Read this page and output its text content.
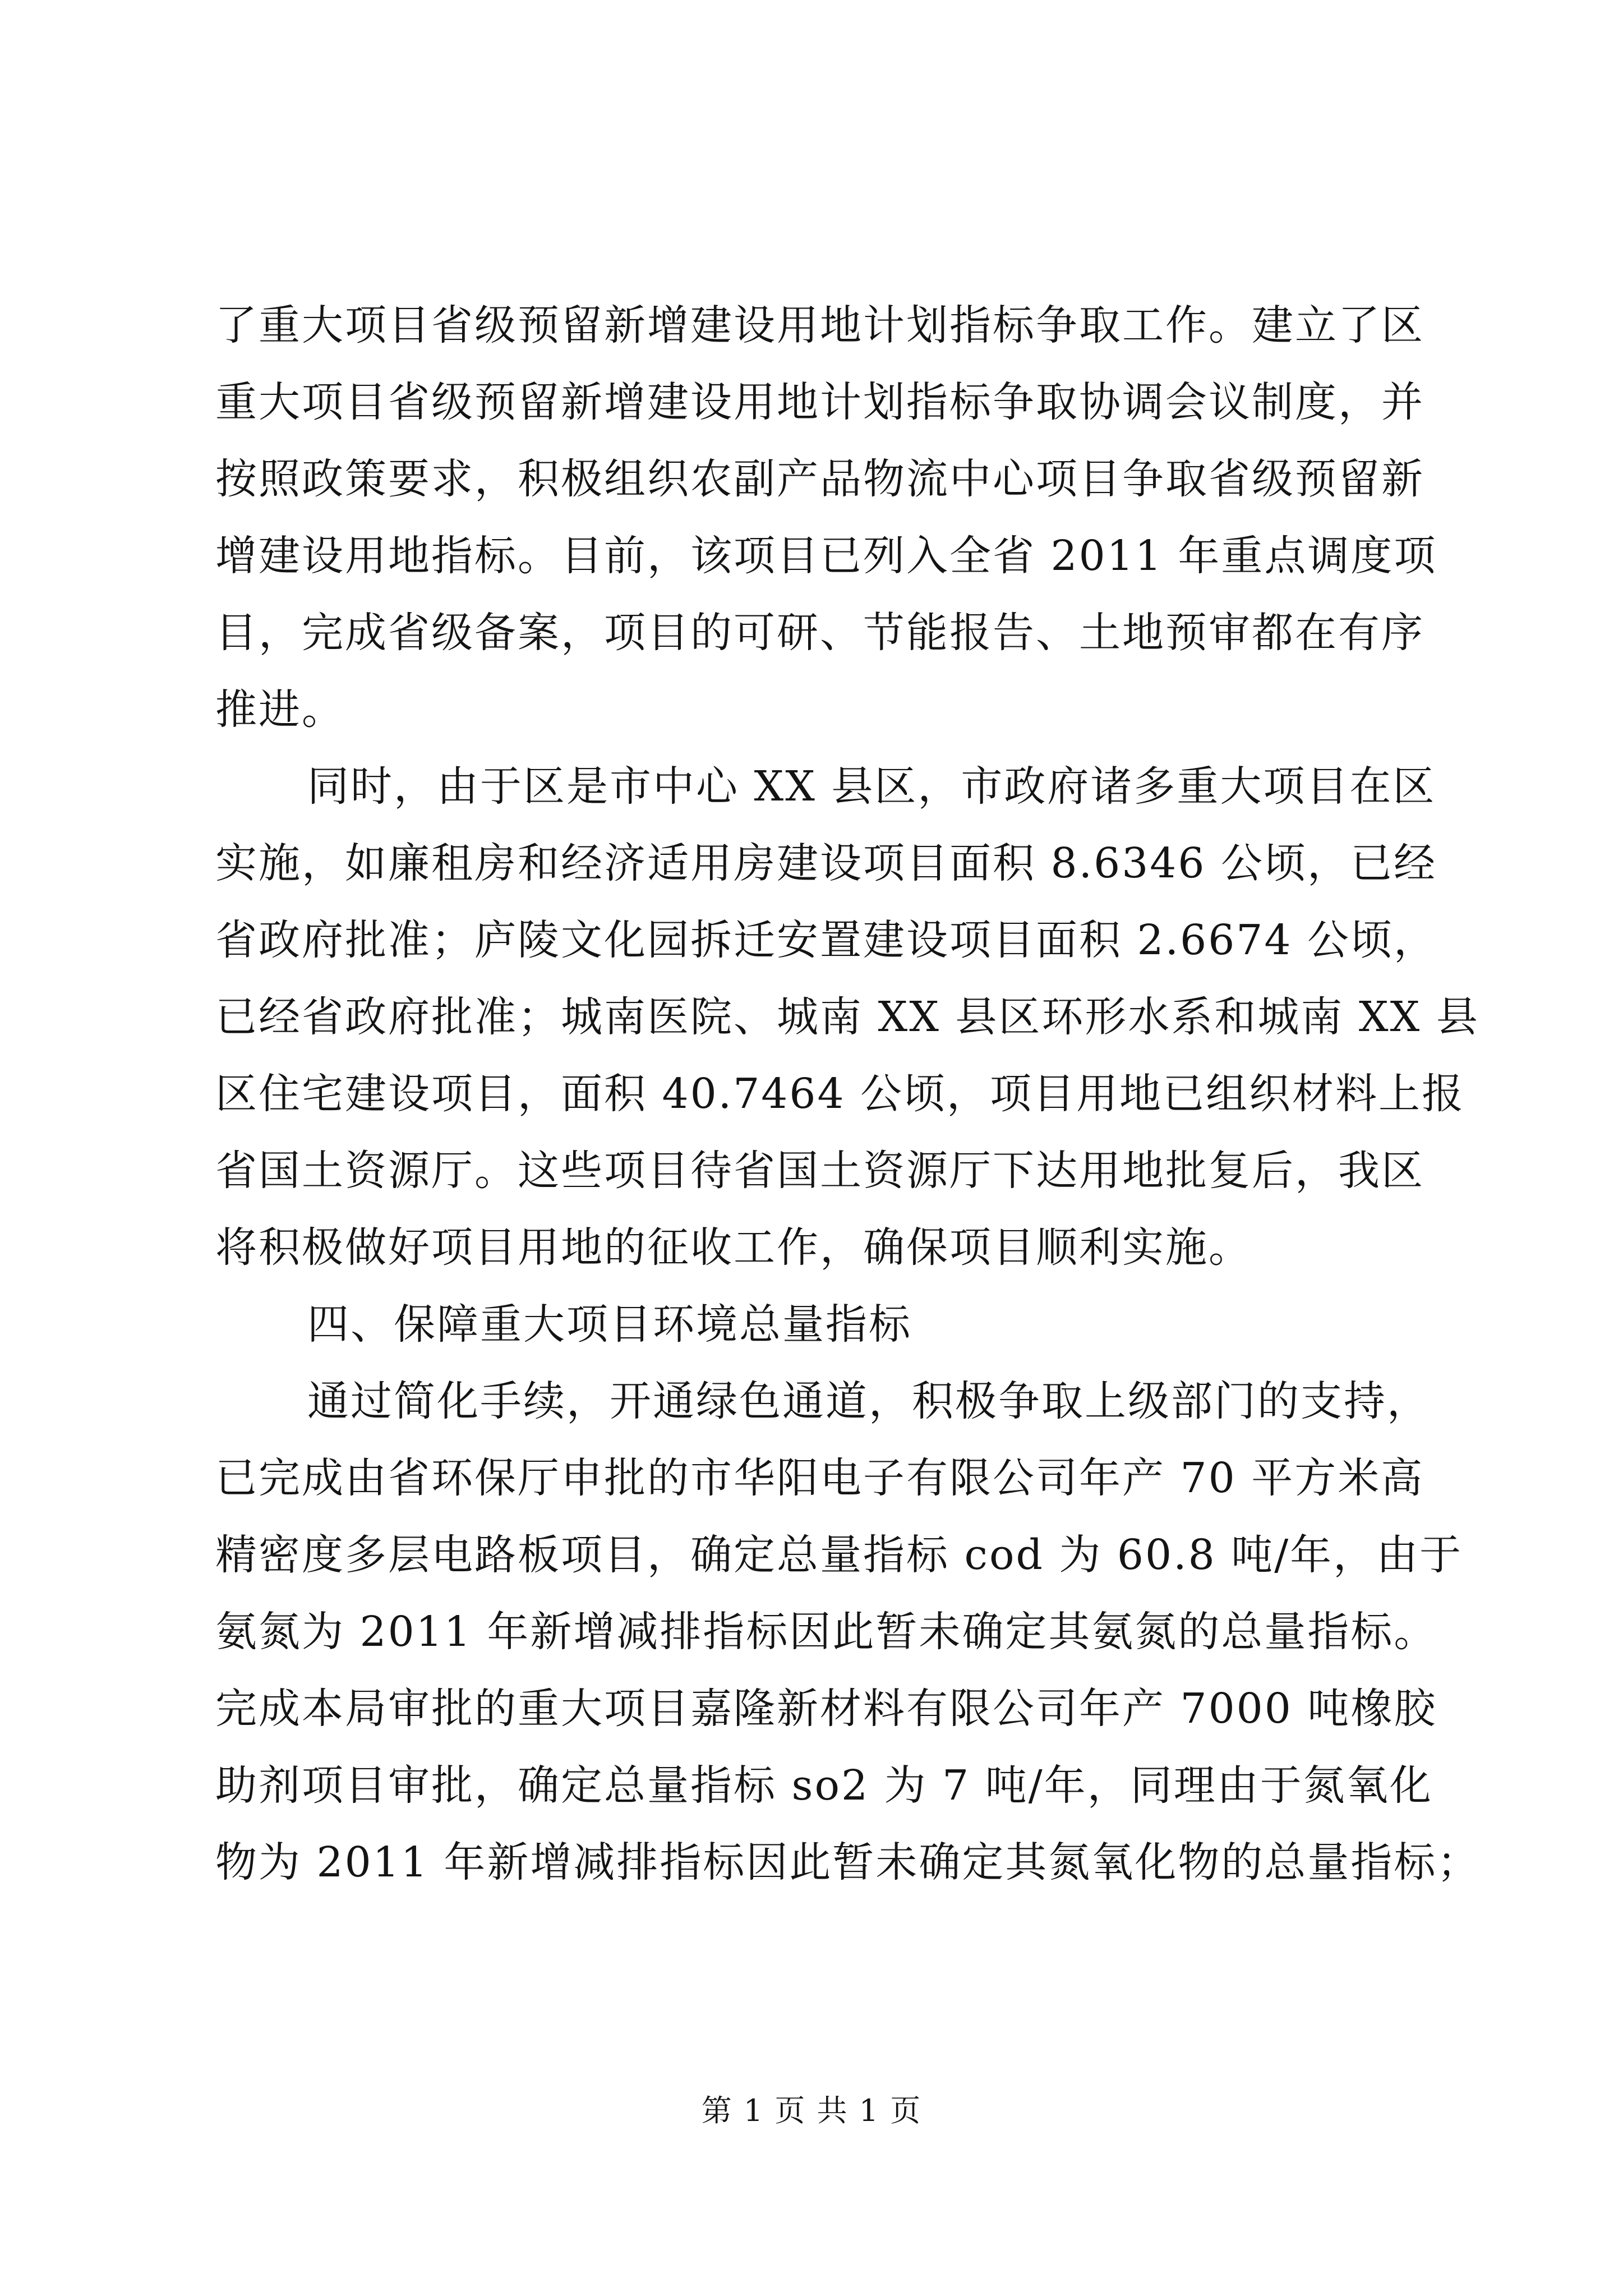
了重大项目省级预留新增建设用地计划指标争取工作。建立了区
重大项目省级预留新增建设用地计划指标争取协调会议制度，并
按照政策要求，积极组织农副产品物流中心项目争取省级预留新
增建设用地指标。目前，该项目已列入全省 2011 年重点调度项
目，完成省级备案，项目的可研、节能报告、土地预审都在有序
推进。
同时，由于区是市中心 XX 县区，市政府诸多重大项目在区
实施，如廉租房和经济适用房建设项目面积 8.6346 公顷，已经
省政府批准；庐陵文化园拆迁安置建设项目面积 2.6674 公顷，
已经省政府批准；城南医院、城南 XX 县区环形水系和城南 XX 县
区住宅建设项目，面积 40.7464 公顷，项目用地已组织材料上报
省国土资源厅。这些项目待省国土资源厅下达用地批复后，我区
将积极做好项目用地的征收工作，确保项目顺利实施。
四、保障重大项目环境总量指标
通过简化手续，开通绿色通道，积极争取上级部门的支持，
已完成由省环保厅申批的市华阳电子有限公司年产 70 平方米高
精密度多层电路板项目，确定总量指标 cod 为 60.8 吨/年，由于
氨氮为 2011 年新增减排指标因此暂未确定其氨氮的总量指标。
完成本局审批的重大项目嘉隆新材料有限公司年产 7000 吨橡胶
助剂项目审批，确定总量指标 so2 为 7 吨/年，同理由于氮氧化
物为 2011 年新增减排指标因此暂未确定其氮氧化物的总量指标；
第 1 页 共 1 页
